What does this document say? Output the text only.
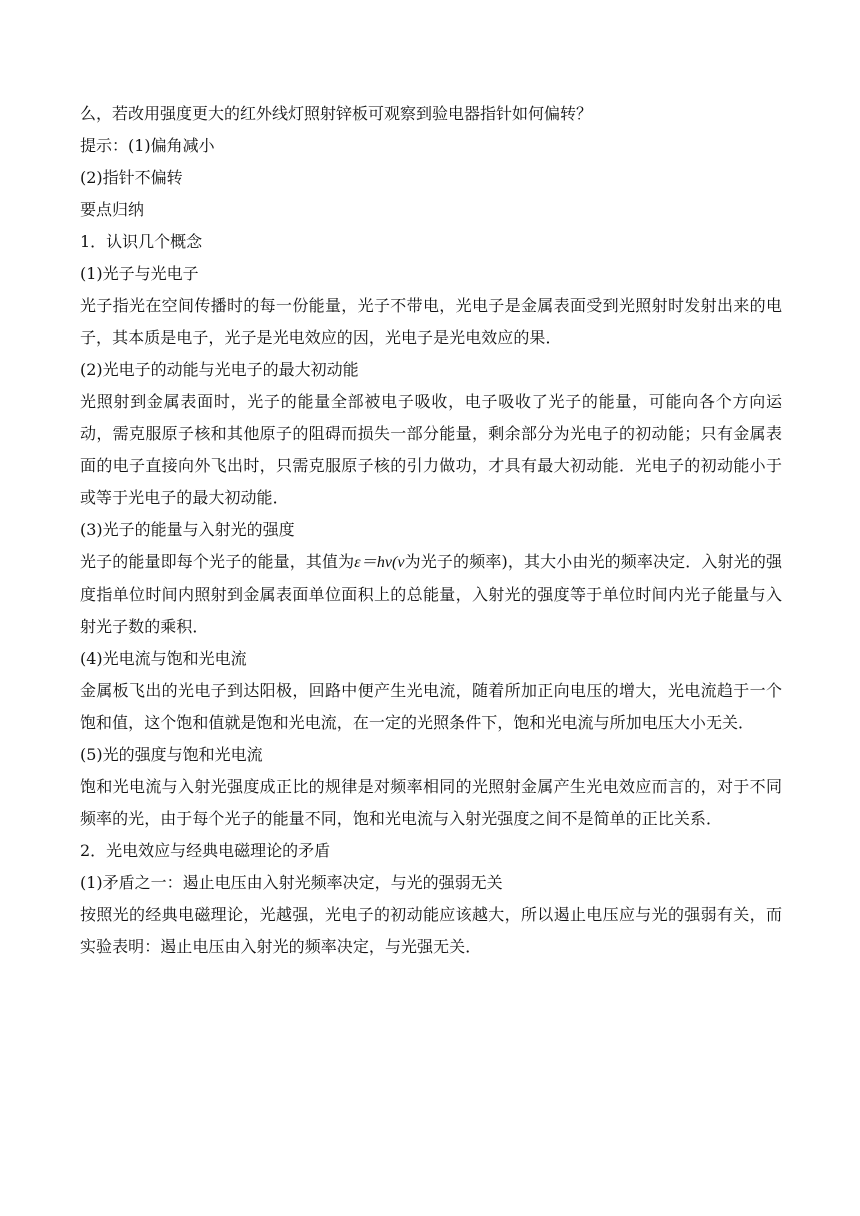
么，若改用强度更大的红外线灯照射锌板可观察到验电器指针如何偏转？

提示：(1)偏角减小

(2)指针不偏转

要点归纳

1．认识几个概念

(1)光子与光电子

光子指光在空间传播时的每一份能量，光子不带电，光电子是金属表面受到光照射时发射出来的电子，其本质是电子，光子是光电效应的因，光电子是光电效应的果．

(2)光电子的动能与光电子的最大初动能

光照射到金属表面时，光子的能量全部被电子吸收，电子吸收了光子的能量，可能向各个方向运动，需克服原子核和其他原子的阻碍而损失一部分能量，剩余部分为光电子的初动能；只有金属表面的电子直接向外飞出时，只需克服原子核的引力做功，才具有最大初动能．光电子的初动能小于或等于光电子的最大初动能．

(3)光子的能量与入射光的强度

光子的能量即每个光子的能量，其值为ε＝hν(ν为光子的频率)，其大小由光的频率决定．入射光的强度指单位时间内照射到金属表面单位面积上的总能量，入射光的强度等于单位时间内光子能量与入射光子数的乘积．

(4)光电流与饱和光电流

金属板飞出的光电子到达阳极，回路中便产生光电流，随着所加正向电压的增大，光电流趋于一个饱和值，这个饱和值就是饱和光电流，在一定的光照条件下，饱和光电流与所加电压大小无关．

(5)光的强度与饱和光电流

饱和光电流与入射光强度成正比的规律是对频率相同的光照射金属产生光电效应而言的，对于不同频率的光，由于每个光子的能量不同，饱和光电流与入射光强度之间不是简单的正比关系．

2．光电效应与经典电磁理论的矛盾

(1)矛盾之一：遏止电压由入射光频率决定，与光的强弱无关

按照光的经典电磁理论，光越强，光电子的初动能应该越大，所以遏止电压应与光的强弱有关，而实验表明：遏止电压由入射光的频率决定，与光强无关．
